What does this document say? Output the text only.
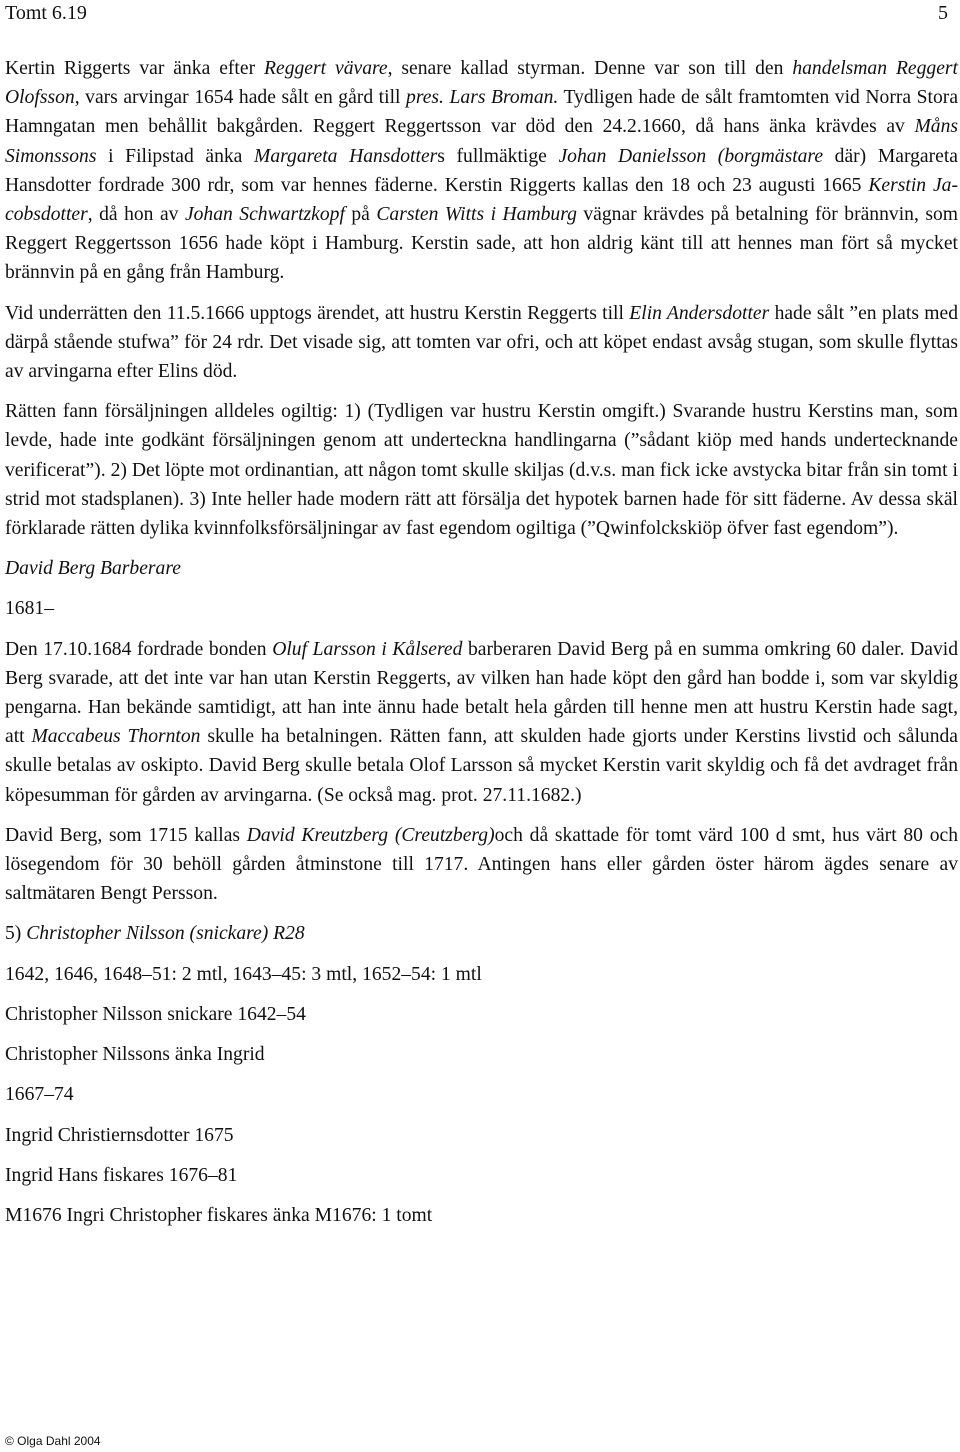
Tomt 6.19	5

Kertin Riggerts var änka efter Reggert vävare, senare kallad styrman. Denne var son till den handelsman Reggert Olofsson, vars arvingar 1654 hade sålt en gård till pres. Lars Broman. Tydligen hade de sålt framtomten vid Norra Stora Hamngatan men behållit bakgården. Reggert Reggertsson var död den 24.2.1660, då hans änka krävdes av Måns Simonssons i Filipstad änka Margareta Hansdotters fullmäktige Johan Danielsson (borgmästare där) Margareta Hansdotter fordrade 300 rdr, som var hennes fäderne. Kerstin Riggerts kallas den 18 och 23 augusti 1665 Kerstin Jacobsdotter, då hon av Johan Schwartzkopf på Carsten Witts i Hamburg vägnar krävdes på betalning för brännvin, som Reggert Reggertsson 1656 hade köpt i Hamburg. Kerstin sade, att hon aldrig känt till att hennes man fört så mycket brännvin på en gång från Hamburg.

Vid underrätten den 11.5.1666 upptogs ärendet, att hustru Kerstin Reggerts till Elin Andersdotter hade sålt ”en plats med därpå stående stufwa” för 24 rdr. Det visade sig, att tomten var ofri, och att köpet endast avsåg stugan, som skulle flyttas av arvingarna efter Elins död.

Rätten fann försäljningen alldeles ogiltig: 1) (Tydligen var hustru Kerstin omgift.) Svarande hustru Kerstins man, som levde, hade inte godkänt försäljningen genom att underteckna handlingarna (”sådant kiöp med hands undertecknande verificerat”). 2) Det löpte mot ordinantian, att någon tomt skulle skiljas (d.v.s. man fick icke avstycka bitar från sin tomt i strid mot stadsplanen). 3) Inte heller hade modern rätt att försälja det hypotek barnen hade för sitt fäderne. Av dessa skäl förklarade rätten dylika kvinnfolksförsäljningar av fast egendom ogiltiga (”Qwinfolckskiöp öfver fast egendom”).

David Berg Barberare

1681–

Den 17.10.1684 fordrade bonden Oluf Larsson i Kålsered barberaren David Berg på en summa omkring 60 daler. David Berg svarade, att det inte var han utan Kerstin Reggerts, av vilken han hade köpt den gård han bodde i, som var skyldig pengarna. Han bekände samtidigt, att han inte ännu hade betalt hela gården till henne men att hustru Kerstin hade sagt, att Maccabeus Thornton skulle ha betalningen. Rätten fann, att skulden hade gjorts under Kerstins livstid och sålunda skulle betalas av oskipto. David Berg skulle betala Olof Larsson så mycket Kerstin varit skyldig och få det avdraget från köpesumman för gården av arvingarna. (Se också mag. prot. 27.11.1682.)

David Berg, som 1715 kallas David Kreutzberg (Creutzberg)och då skattade för tomt värd 100 d smt, hus värt 80 och lösegendom för 30 behöll gården åtminstone till 1717. Antingen hans eller gården öster härom ägdes senare av saltmätaren Bengt Persson.

5) Christopher Nilsson (snickare) R28

1642, 1646, 1648–51: 2 mtl, 1643–45: 3 mtl, 1652–54: 1 mtl

Christopher Nilsson snickare 1642–54

Christopher Nilssons änka Ingrid

1667–74

Ingrid Christiernsdotter 1675

Ingrid Hans fiskares 1676–81

M1676 Ingri Christopher fiskares änka M1676: 1 tomt

© Olga Dahl 2004
